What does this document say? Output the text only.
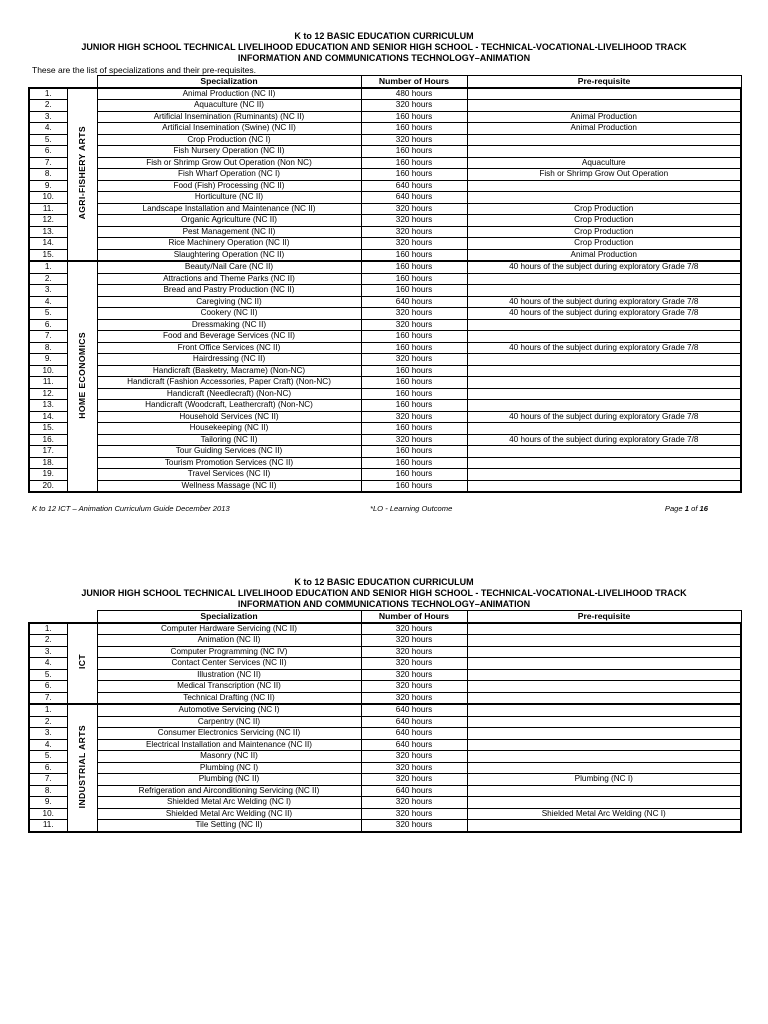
K to 12 BASIC EDUCATION CURRICULUM
JUNIOR HIGH SCHOOL TECHNICAL LIVELIHOOD EDUCATION AND SENIOR HIGH SCHOOL - TECHNICAL-VOCATIONAL-LIVELIHOOD TRACK
INFORMATION AND COMMUNICATIONS TECHNOLOGY–ANIMATION
These are the list of specializations and their pre-requisites.
		Specialization	Number of Hours	Pre-requisite
1.	AGRI-FISHERY ARTS	Animal Production (NC II)	480 hours	
2.		Aquaculture (NC II)	320 hours	
3.		Artificial Insemination (Ruminants) (NC II)	160 hours	Animal Production
4.		Artificial Insemination (Swine) (NC II)	160 hours	Animal Production
5.		Crop Production (NC I)	320 hours	
6.		Fish Nursery Operation (NC II)	160 hours	
7.		Fish or Shrimp Grow Out Operation (Non NC)	160 hours	Aquaculture
8.		Fish Wharf Operation (NC I)	160 hours	Fish or Shrimp Grow Out Operation
9.		Food (Fish) Processing (NC II)	640 hours	
10.		Horticulture (NC II)	640 hours	
11.		Landscape Installation and Maintenance (NC II)	320 hours	Crop Production
12.		Organic Agriculture (NC II)	320 hours	Crop Production
13.		Pest Management (NC II)	320 hours	Crop Production
14.		Rice Machinery Operation (NC II)	320 hours	Crop Production
15.		Slaughtering Operation (NC II)	160 hours	Animal Production
1.	HOME ECONOMICS	Beauty/Nail Care (NC II)	160 hours	40 hours of the subject during exploratory Grade 7/8
2.		Attractions and Theme Parks (NC II)	160 hours	
3.		Bread and Pastry Production (NC II)	160 hours	
4.		Caregiving (NC II)	640 hours	40 hours of the subject during exploratory Grade 7/8
5.		Cookery (NC II)	320 hours	40 hours of the subject during exploratory Grade 7/8
6.		Dressmaking (NC II)	320 hours	
7.		Food and Beverage Services (NC II)	160 hours	
8.		Front Office Services (NC II)	160 hours	40 hours of the subject during exploratory Grade 7/8
9.		Hairdressing (NC II)	320 hours	
10.		Handicraft (Basketry, Macrame) (Non-NC)	160 hours	
11.		Handicraft (Fashion Accessories, Paper Craft) (Non-NC)	160 hours	
12.		Handicraft (Needlecraft) (Non-NC)	160 hours	
13.		Handicraft (Woodcraft, Leathercraft) (Non-NC)	160 hours	
14.		Household Services (NC II)	320 hours	40 hours of the subject during exploratory Grade 7/8
15.		Housekeeping (NC II)	160 hours	
16.		Tailoring (NC II)	320 hours	40 hours of the subject during exploratory Grade 7/8
17.		Tour Guiding Services (NC II)	160 hours	
18.		Tourism Promotion Services (NC II)	160 hours	
19.		Travel Services (NC II)	160 hours	
20.		Wellness Massage (NC II)	160 hours	
K to 12 ICT – Animation Curriculum Guide December 2013	*LO - Learning Outcome	Page 1 of 16
K to 12 BASIC EDUCATION CURRICULUM
JUNIOR HIGH SCHOOL TECHNICAL LIVELIHOOD EDUCATION AND SENIOR HIGH SCHOOL - TECHNICAL-VOCATIONAL-LIVELIHOOD TRACK
INFORMATION AND COMMUNICATIONS TECHNOLOGY–ANIMATION
		Specialization	Number of Hours	Pre-requisite
1.	ICT	Computer Hardware Servicing (NC II)	320 hours	
2.		Animation (NC II)	320 hours	
3.		Computer Programming (NC IV)	320 hours	
4.		Contact Center Services (NC II)	320 hours	
5.		Illustration (NC II)	320 hours	
6.		Medical Transcription (NC II)	320 hours	
7.		Technical Drafting (NC II)	320 hours	
1.	INDUSTRIAL ARTS	Automotive Servicing (NC I)	640 hours	
2.		Carpentry (NC II)	640 hours	
3.		Consumer Electronics Servicing (NC II)	640 hours	
4.		Electrical Installation and Maintenance (NC II)	640 hours	
5.		Masonry (NC II)	320 hours	
6.		Plumbing (NC I)	320 hours	
7.		Plumbing (NC II)	320 hours	Plumbing (NC I)
8.		Refrigeration and Airconditioning Servicing (NC II)	640 hours	
9.		Shielded Metal Arc Welding (NC I)	320 hours	
10.		Shielded Metal Arc Welding (NC II)	320 hours	Shielded Metal Arc Welding (NC I)
11.		Tile Setting (NC II)	320 hours	
